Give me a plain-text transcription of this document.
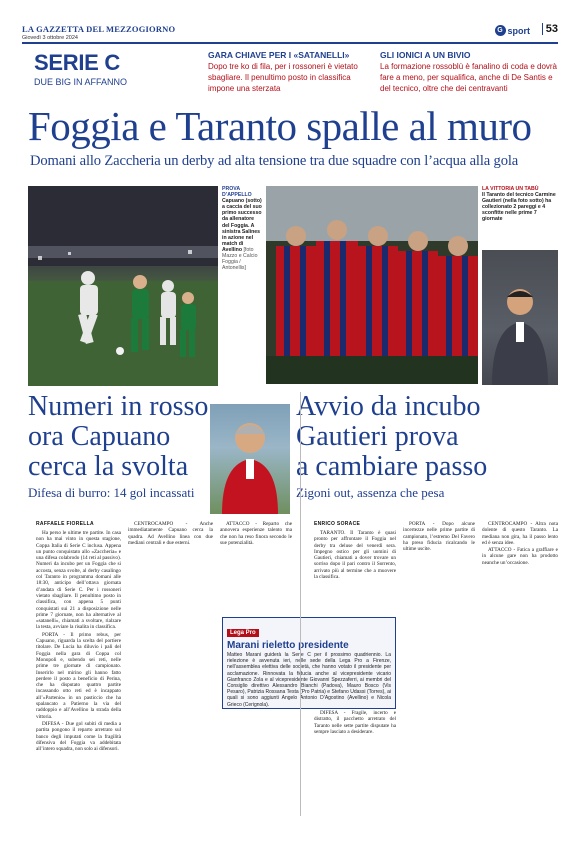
LA GAZZETTA DEL MEZZOGIORNO
Giovedì 3 ottobre 2024
G sport	53
SERIE C
DUE BIG IN AFFANNO
GARA CHIAVE PER I «SATANELLI»
Dopo tre ko di fila, per i rossoneri è vietato sbagliare. Il penultimo posto in classifica impone una sterzata
GLI IONICI A UN BIVIO
La formazione rossoblù è fanalino di coda e dovrà fare a meno, per squalifica, anche di De Santis e del tecnico, oltre che dei centravanti
Foggia e Taranto spalle al muro
Domani allo Zaccheria un derby ad alta tensione tra due squadre con l’acqua alla gola
PROVA D’APPELLO
Capuano (sotto) a caccia del suo primo successo da allenatore del Foggia. A sinistra Salines in azione nel match di Avellino [foto Mazzo e Calcio Foggia / Antonellis]
LA VITTORIA UN TABÙ
Il Taranto del tecnico Carmine Gautieri (nella foto sotto) ha collezionato 2 pareggi e 4 sconfitte nelle prime 7 giornate
Numeri in rosso
ora Capuano
cerca la svolta
Difesa di burro: 14 gol incassati
Avvio da incubo
Gautieri prova
a cambiare passo
Zigoni out, assenza che pesa
RAFFAELE FIORELLA

Ha perso le ultime tre partite. In casa non ha mai vinto in questa stagione, Coppa Italia di Serie C inclusa. Appena un punto conquistato allo «Zaccheria» e una difesa colabrodo (14 reti al passivo). Numeri da incubo per un Foggia che si accosta, senza svolte, al derby casalingo col Taranto in programma domani alle 18:30, anticipo dell’ottava giornata d’andata di Serie C. Per i rossoneri vietato sbagliare. Il penultimo posto in classifica, con appena 5 punti conquistati sui 21 a disposizione nelle prime 7 giornate, non ha alternative al «satanelli», chiamati a svoltare, rialzare la testa, avviare la risalita in classifica.

PORTA - Il primo rebus, per Capuano, riguarda la scelta del portiere titolare. De Lucia ha diluvio i pali del Foggia nella gara di Coppa col Monopoli e, subendo sei reti, nelle prime tre giornate di campionato. Inserirlo nel mirino gli hanno fatto perdere il posto a beneficio di Perina, che ha disputato quattro partite incassando otto reti ed è incappato all’«Partenio» in un pasticcio che ha spalancato a Patierno la via del raddoppio e all’Avellino la strada della vittoria.

DIFESA - Due gol subiti di media a partita pongono il reparto arretrato sul banco degli imputati come la fragilità difensiva del Foggia va addebitata all’intero squadra, non solo ai difensori.

CENTROCAMPO - Anche immediatamente Capuano cerca la quadra. Ad Avellino linea con due mediani centrali e due esterni.

ATTACCO - Reparto che annovera esperienze talento ma che non ha reso finora secondo le sue potenzialità.

ENRICO SORACE

TARANTO. Il Taranto è quasi pronto per affrontare il Foggia nel derby tra deluse del venerdì sera. Impegno ostico per gli uomini di Gautieri, chiamati a dover trovare un sorriso dopo il pari contro il Sorrento, arrivato più al termine che a muovere la classifica.

DIFESA - Fragile, incerto e distratto, il pacchetto arretrato del Taranto nelle sette partite disputate ha sempre lasciato a desiderare.

PORTA - Dopo alcune incertezze nelle prime partite di campionato, l’estremo Del Favero ha preso fiducia ricalcando le ultime uscite.

CENTROCAMPO - Altra nota dolente di questo Taranto. La mediana non gira, ha il passo lento ed è senza idee.

ATTACCO - Fatica a graffiare e in alcune gare non ha prodotto neanche un’occasione.

Lega Pro
Marani rieletto presidente
Matteo Marani guiderà la Serie C per il prossimo quadriennio. La rielezione è avvenuta ieri, nelle sede della Lega Pro a Firenze, nell’assemblea elettiva delle società, che hanno votato il presidente per acclamazione. Rinnovata la fiducia anche al vicepresidente vicario Gianfranco Zola e al vicepresidente Giovanni Spezzaferri, ai membri del Consiglio direttivo Alessandro Bianchi (Padova), Mauro Bosco (Vis Pesaro), Patrizia Rossana Testa (Pro Patria) e Stefano Udassi (Torres), ai quali si sono aggiunti Angelo Antonio D’Agostino (Avellino) e Nicola Grieco (Cerignola).
